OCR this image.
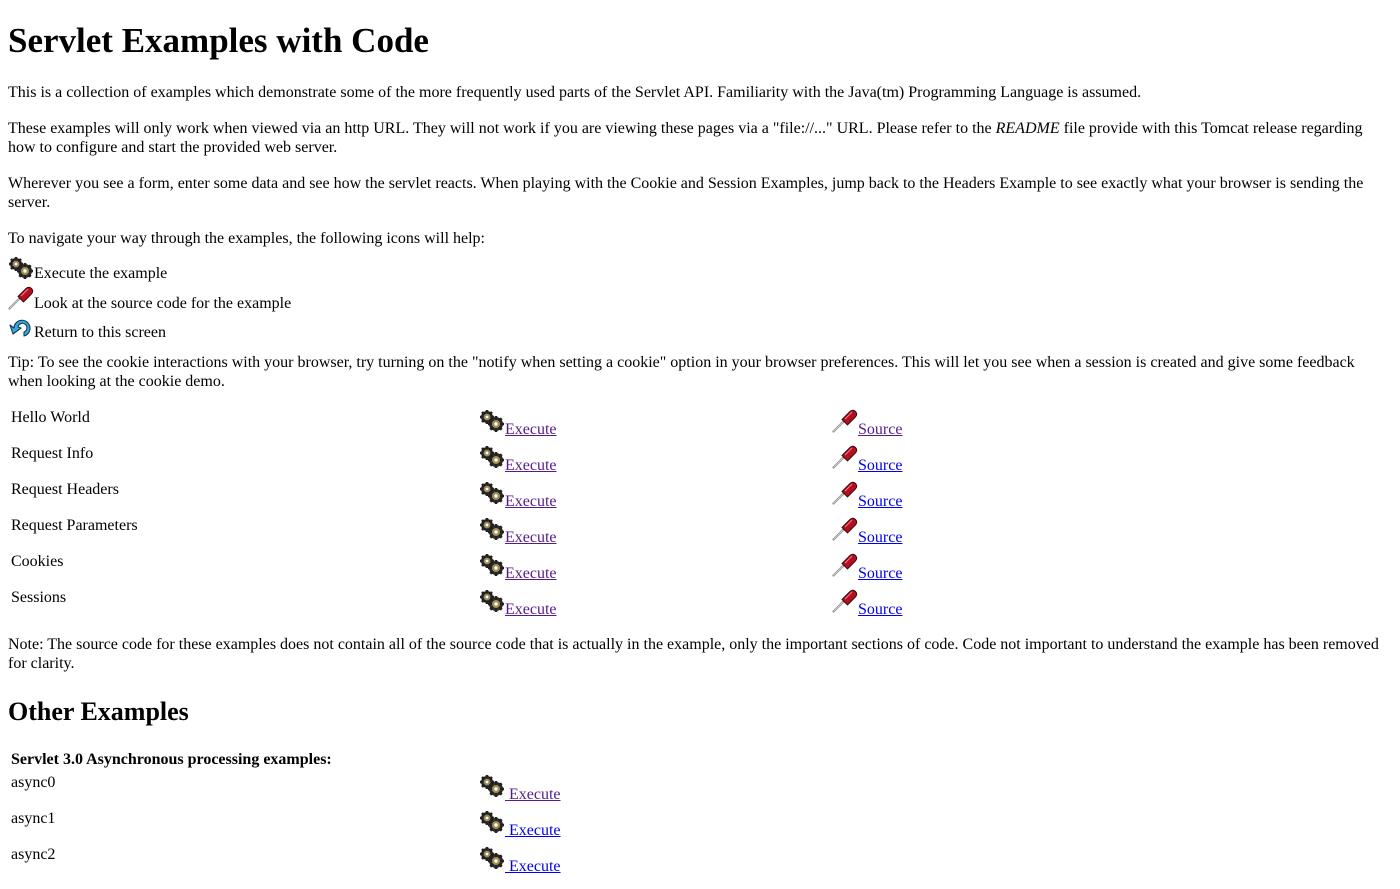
Servlet Examples with Code

This is a collection of examples which demonstrate some of the more frequently used parts of the Servlet API. Familiarity with the Java(tm) Programming Language is assumed.

These examples will only work when viewed via an http URL. They will not work if you are viewing these pages via a "file://..." URL. Please refer to the README file provide with this Tomcat release regarding how to configure and start the provided web server.

Wherever you see a form, enter some data and see how the servlet reacts. When playing with the Cookie and Session Examples, jump back to the Headers Example to see exactly what your browser is sending the server.

To navigate your way through the examples, the following icons will help:

Execute the example
Look at the source code for the example
Return to this screen

Tip: To see the cookie interactions with your browser, try turning on the "notify when setting a cookie" option in your browser preferences. This will let you see when a session is created and give some feedback when looking at the cookie demo.

Hello World	Execute	Source
Request Info	Execute	Source
Request Headers	Execute	Source
Request Parameters	Execute	Source
Cookies	Execute	Source
Sessions	Execute	Source

Note: The source code for these examples does not contain all of the source code that is actually in the example, only the important sections of code. Code not important to understand the example has been removed for clarity.

Other Examples
Servlet 3.0 Asynchronous processing examples:	
async0	Execute
async1	Execute
async2	Execute
